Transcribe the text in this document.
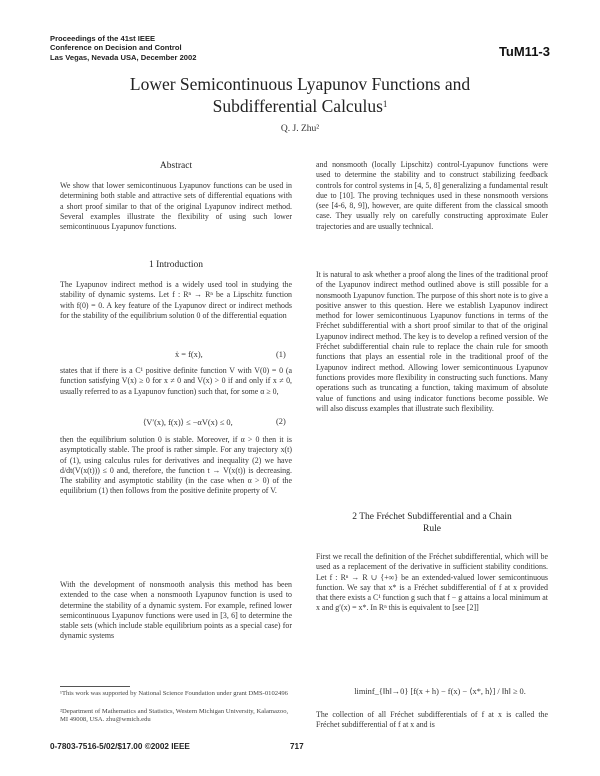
Proceedings of the 41st IEEE
Conference on Decision and Control
Las Vegas, Nevada USA, December 2002	TuM11-3
Lower Semicontinuous Lyapunov Functions and
Subdifferential Calculus$^1$
Q. J. Zhu²
Abstract

We show that lower semicontinuous Lyapunov functions can be used in determining both stable and attractive sets of differential equations with a short proof similar to that of the original Lyapunov indirect method. Several examples illustrate the flexibility of using such lower semicontinuous Lyapunov functions.

1 Introduction

The Lyapunov indirect method is a widely used tool in studying the stability of dynamic systems. Let f : Rⁿ → Rⁿ be a Lipschitz function with f(0) = 0. A key feature of the Lyapunov direct or indirect methods for the stability of the equilibrium solution 0 of the differential equation

ẋ = f(x),	(1)

states that if there is a C¹ positive definite function V with V(0) = 0 (a function satisfying V(x) ≥ 0 for x ≠ 0 and V(x) > 0 if and only if x ≠ 0, usually referred to as a Lyapunov function) such that, for some α ≥ 0,

⟨V′(x), f(x)⟩ ≤ −αV(x) ≤ 0,	(2)

then the equilibrium solution 0 is stable. Moreover, if α > 0 then it is asymptotically stable. The proof is rather simple. For any trajectory x(t) of (1), using calculus rules for derivatives and inequality (2) we have d/dt(V(x(t))) ≤ 0 and, therefore, the function t → V(x(t)) is decreasing. The stability and asymptotic stability (in the case when α > 0) of the equilibrium (1) then follows from the positive definite property of V.

With the development of nonsmooth analysis this method has been extended to the case when a nonsmooth Lyapunov function is used to determine the stability of a dynamic system. For example, refined lower semicontinuous Lyapunov functions were used in [3, 6] to determine the stable sets (which include stable equilibrium points as a special case) for dynamic systems

¹This work was supported by National Science Foundation under grant DMS-0102496
²Department of Mathematics and Statistics, Western Michigan University, Kalamazoo, MI 49008, USA. zhu@wmich.edu

and nonsmooth (locally Lipschitz) control-Lyapunov functions were used to determine the stability and to construct stabilizing feedback controls for control systems in [4, 5, 8] generalizing a fundamental result due to [10]. The proving techniques used in these nonsmooth versions (see [4-6, 8, 9]), however, are quite different from the classical smooth case. They usually rely on carefully constructing approximate Euler trajectories and are usually technical.

It is natural to ask whether a proof along the lines of the traditional proof of the Lyapunov indirect method outlined above is still possible for a nonsmooth Lyapunov function. The purpose of this short note is to give a positive answer to this question. Here we establish Lyapunov indirect method for lower semicontinuous Lyapunov functions in terms of the Fréchet subdifferential with a short proof similar to that of the original Lyapunov indirect method. The key is to develop a refined version of the Fréchet subdifferential chain rule to replace the chain rule for smooth functions that plays an essential role in the traditional proof of the Lyapunov indirect method. Allowing lower semicontinuous Lyapunov functions provides more flexibility in constructing such functions. Many operations such as truncating a function, taking maximum of absolute value of functions and using indicator functions become possible. We will also discuss examples that illustrate such flexibility.

2 The Fréchet Subdifferential and a Chain
Rule

First we recall the definition of the Fréchet subdifferential, which will be used as a replacement of the derivative in sufficient stability conditions. Let f : Rⁿ → R ∪ {+∞} be an extended-valued lower semicontinuous function. We say that x* is a Fréchet subdifferential of f at x provided that there exists a C¹ function g such that f − g attains a local minimum at x and g′(x) = x*. In Rⁿ this is equivalent to [see [2]]

liminf_{‖h‖→0} [f(x + h) − f(x) − ⟨x*, h⟩] / ‖h‖ ≥ 0.

The collection of all Fréchet subdifferentials of f at x is called the Fréchet subdifferential of f at x and is

0-7803-7516-5/02/$17.00 ©2002 IEEE	717
